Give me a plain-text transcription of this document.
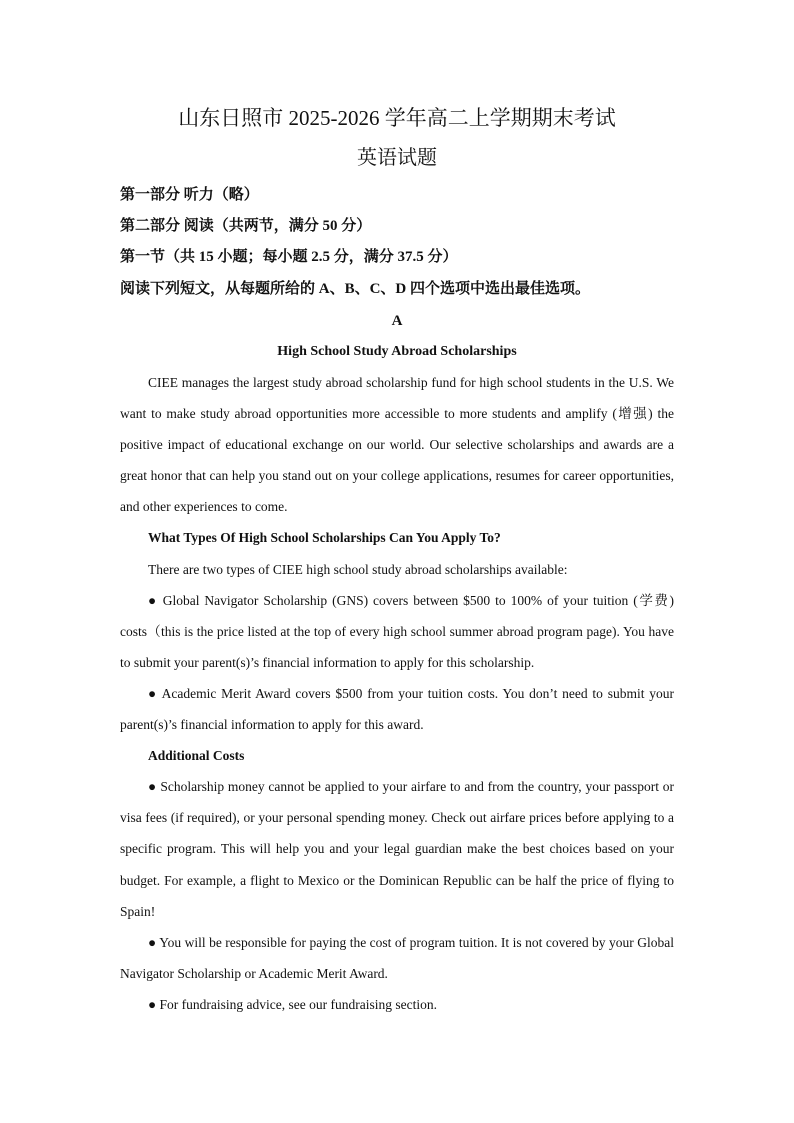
山东日照市 2025-2026 学年高二上学期期末考试
英语试题
第一部分 听力（略）
第二部分 阅读（共两节，满分 50 分）
第一节（共 15 小题；每小题 2.5 分，满分 37.5 分）
阅读下列短文，从每题所给的 A、B、C、D 四个选项中选出最佳选项。
A
High School Study Abroad Scholarships

CIEE manages the largest study abroad scholarship fund for high school students in the U.S. We want to make study abroad opportunities more accessible to more students and amplify (增强) the positive impact of educational exchange on our world. Our selective scholarships and awards are a great honor that can help you stand out on your college applications, resumes for career opportunities, and other experiences to come.

What Types Of High School Scholarships Can You Apply To?

There are two types of CIEE high school study abroad scholarships available:

● Global Navigator Scholarship (GNS) covers between $500 to 100% of your tuition (学费) costs（this is the price listed at the top of every high school summer abroad program page). You have to submit your parent(s)’s financial information to apply for this scholarship.

● Academic Merit Award covers $500 from your tuition costs. You don’t need to submit your parent(s)’s financial information to apply for this award.

Additional Costs

● Scholarship money cannot be applied to your airfare to and from the country, your passport or visa fees (if required), or your personal spending money. Check out airfare prices before applying to a specific program. This will help you and your legal guardian make the best choices based on your budget. For example, a flight to Mexico or the Dominican Republic can be half the price of flying to Spain!

● You will be responsible for paying the cost of program tuition. It is not covered by your Global Navigator Scholarship or Academic Merit Award.

● For fundraising advice, see our fundraising section.
